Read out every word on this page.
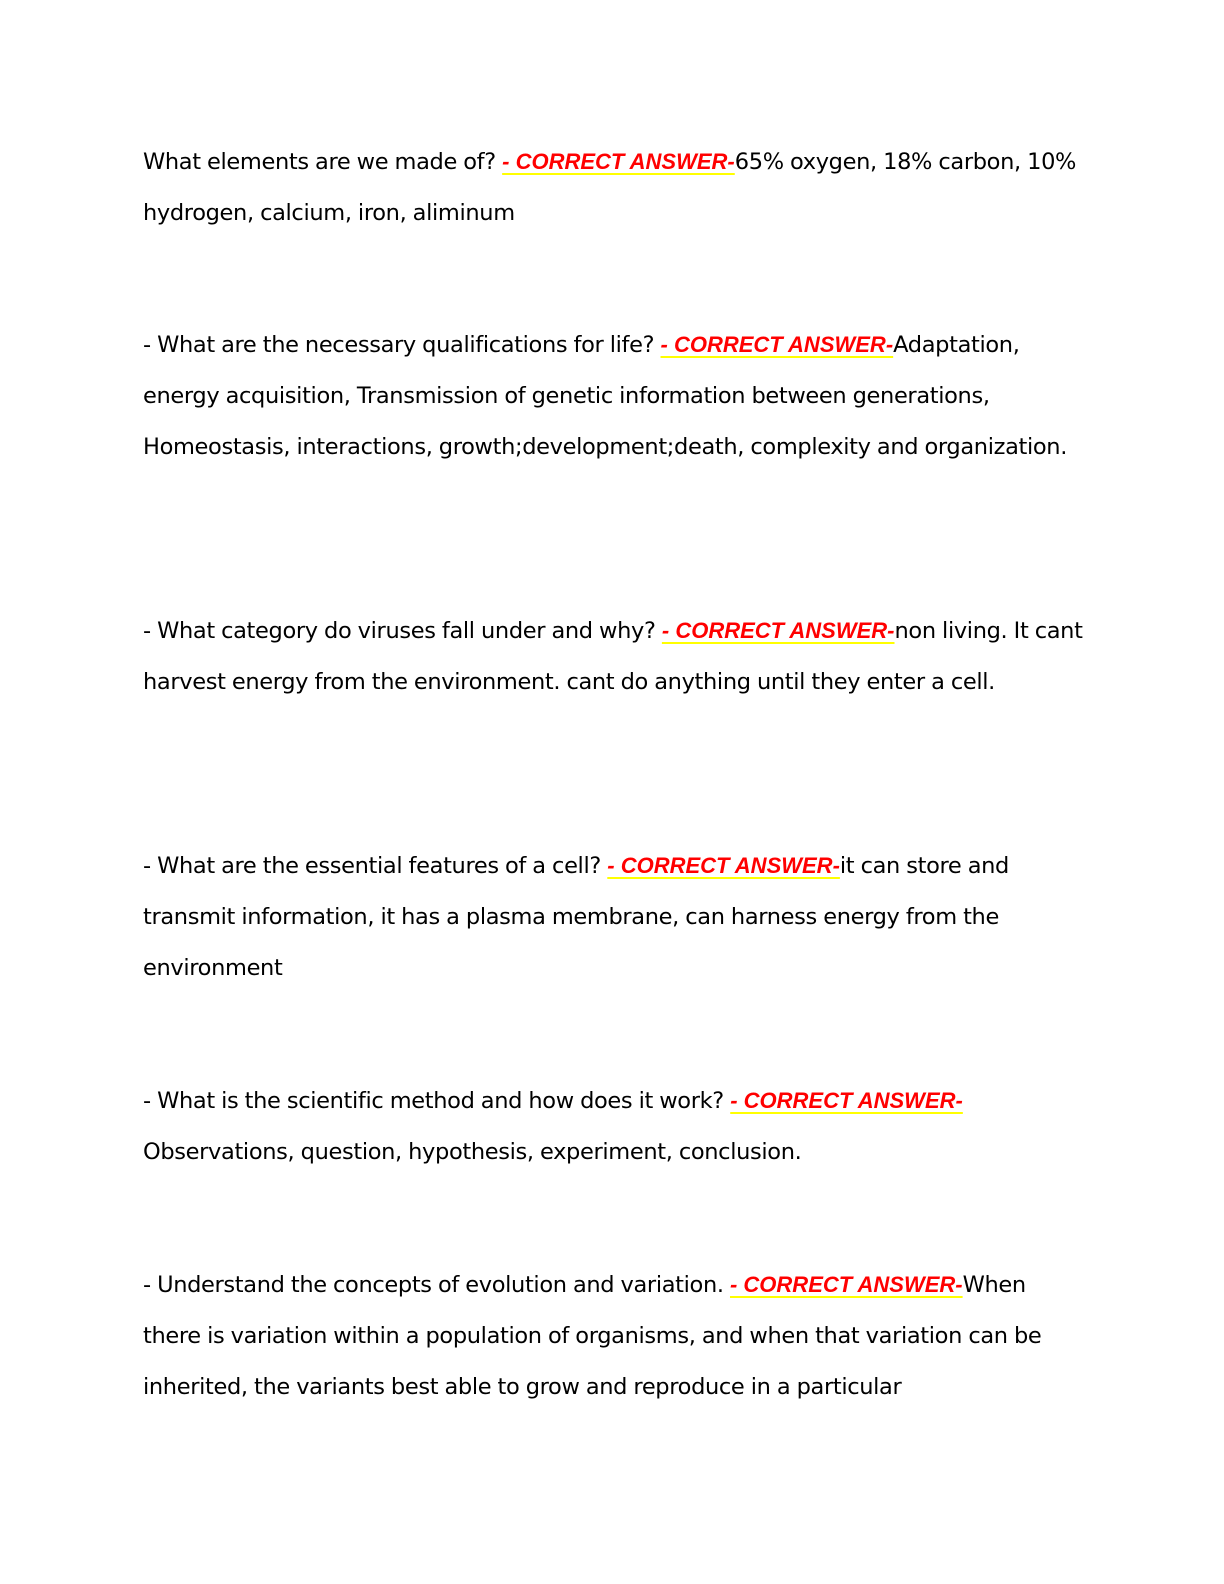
What elements are we made of? - CORRECT ANSWER-65% oxygen, 18% carbon, 10% hydrogen, calcium, iron, aliminum

- What are the necessary qualifications for life? - CORRECT ANSWER-Adaptation, energy acquisition, Transmission of genetic information between generations, Homeostasis, interactions, growth;development;death, complexity and organization.

- What category do viruses fall under and why? - CORRECT ANSWER-non living. It cant harvest energy from the environment. cant do anything until they enter a cell.

- What are the essential features of a cell? - CORRECT ANSWER-it can store and transmit information, it has a plasma membrane, can harness energy from the environment

- What is the scientific method and how does it work? - CORRECT ANSWER-Observations, question, hypothesis, experiment, conclusion.

- Understand the concepts of evolution and variation. - CORRECT ANSWER-When there is variation within a population of organisms, and when that variation can be inherited, the variants best able to grow and reproduce in a particular
